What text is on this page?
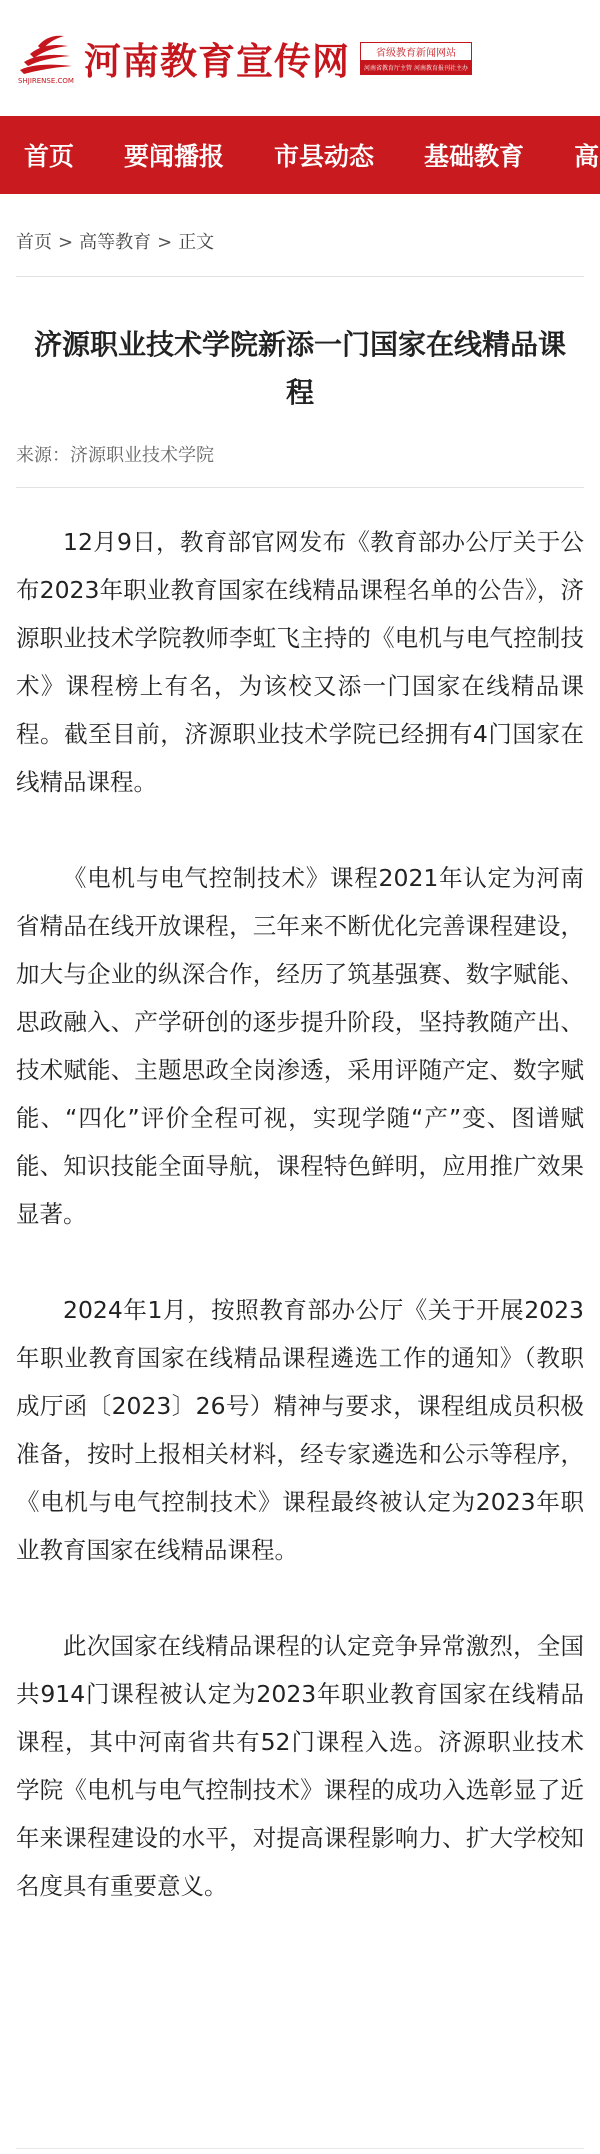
SHJIRENSE.COM 河南教育宣传网	省级教育新闻网站
河南省教育厅主管 河南教育报刊社主办
首页 要闻播报 市县动态 基础教育 高
首页 > 高等教育 > 正文
济源职业技术学院新添一门国家在线精品课程
来源：济源职业技术学院

12月9日，教育部官网发布《教育部办公厅关于公布2023年职业教育国家在线精品课程名单的公告》，济源职业技术学院教师李虹飞主持的《电机与电气控制技术》课程榜上有名，为该校又添一门国家在线精品课程。截至目前，济源职业技术学院已经拥有4门国家在线精品课程。

《电机与电气控制技术》课程2021年认定为河南省精品在线开放课程，三年来不断优化完善课程建设，加大与企业的纵深合作，经历了筑基强赛、数字赋能、思政融入、产学研创的逐步提升阶段，坚持教随产出、技术赋能、主题思政全岗渗透，采用评随产定、数字赋能、“四化”评价全程可视，实现学随“产”变、图谱赋能、知识技能全面导航，课程特色鲜明，应用推广效果显著。

2024年1月，按照教育部办公厅《关于开展2023年职业教育国家在线精品课程遴选工作的通知》（教职成厅函〔2023〕26号）精神与要求，课程组成员积极准备，按时上报相关材料，经专家遴选和公示等程序，《电机与电气控制技术》课程最终被认定为2023年职业教育国家在线精品课程。

此次国家在线精品课程的认定竞争异常激烈，全国共914门课程被认定为2023年职业教育国家在线精品课程，其中河南省共有52门课程入选。济源职业技术学院《电机与电气控制技术》课程的成功入选彰显了近年来课程建设的水平，对提高课程影响力、扩大学校知名度具有重要意义。
